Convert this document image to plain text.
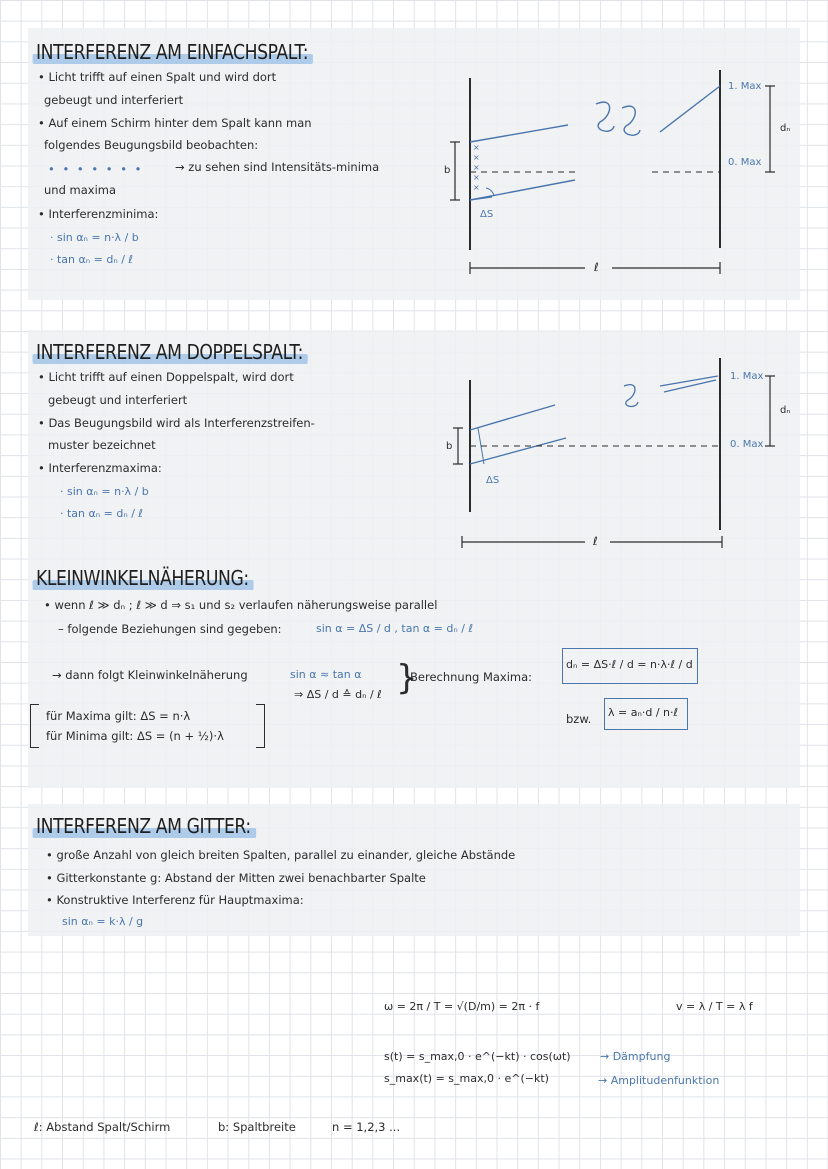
INTERFERENZ AM EINFACHSPALT:
• Licht trifft auf einen Spalt und wird dort
gebeugt und interferiert
• Auf einem Schirm hinter dem Spalt kann man
folgendes Beugungsbild beobachten:
• • • • • • •	→ zu sehen sind Intensitäts-minima
und maxima
• Interferenzminima:
· sin αₙ = n·λ / b
· tan αₙ = dₙ / ℓ
×
×
×
×
×
1. Max
0. Max
dₙ
b
ΔS
ℓ
INTERFERENZ AM DOPPELSPALT:
• Licht trifft auf einen Doppelspalt, wird dort
gebeugt und interferiert
• Das Beugungsbild wird als Interferenzstreifen-
muster bezeichnet
• Interferenzmaxima:
· sin αₙ = n·λ / b
· tan αₙ = dₙ / ℓ
1. Max
0. Max
dₙ
b
ΔS
ℓ
KLEINWINKELNÄHERUNG:
• wenn ℓ ≫ dₙ ; ℓ ≫ d ⇒ s₁ und s₂ verlaufen näherungsweise parallel
– folgende Beziehungen sind gegeben:	sin α = ΔS / d , tan α = dₙ / ℓ
→ dann folgt Kleinwinkelnäherung	sin α ≈ tan α
⇒ ΔS / d ≙ dₙ / ℓ }
Berechnung Maxima:
dₙ = ΔS·ℓ / d = n·λ·ℓ / d
bzw. λ = aₙ·d / n·ℓ
für Maxima gilt: ΔS = n·λ
für Minima gilt: ΔS = (n + ½)·λ
INTERFERENZ AM GITTER:
• große Anzahl von gleich breiten Spalten, parallel zu einander, gleiche Abstände
• Gitterkonstante g: Abstand der Mitten zwei benachbarter Spalte
• Konstruktive Interferenz für Hauptmaxima:
sin αₙ = k·λ / g
ω = 2π / T = √(D/m) = 2π · f	v = λ / T = λ f
s(t) = s_max,0 · e^(−kt) · cos(ωt)	→ Dämpfung
s_max(t) = s_max,0 · e^(−kt)	→ Amplitudenfunktion
ℓ: Abstand Spalt/Schirm	b: Spaltbreite	n = 1,2,3 ...
